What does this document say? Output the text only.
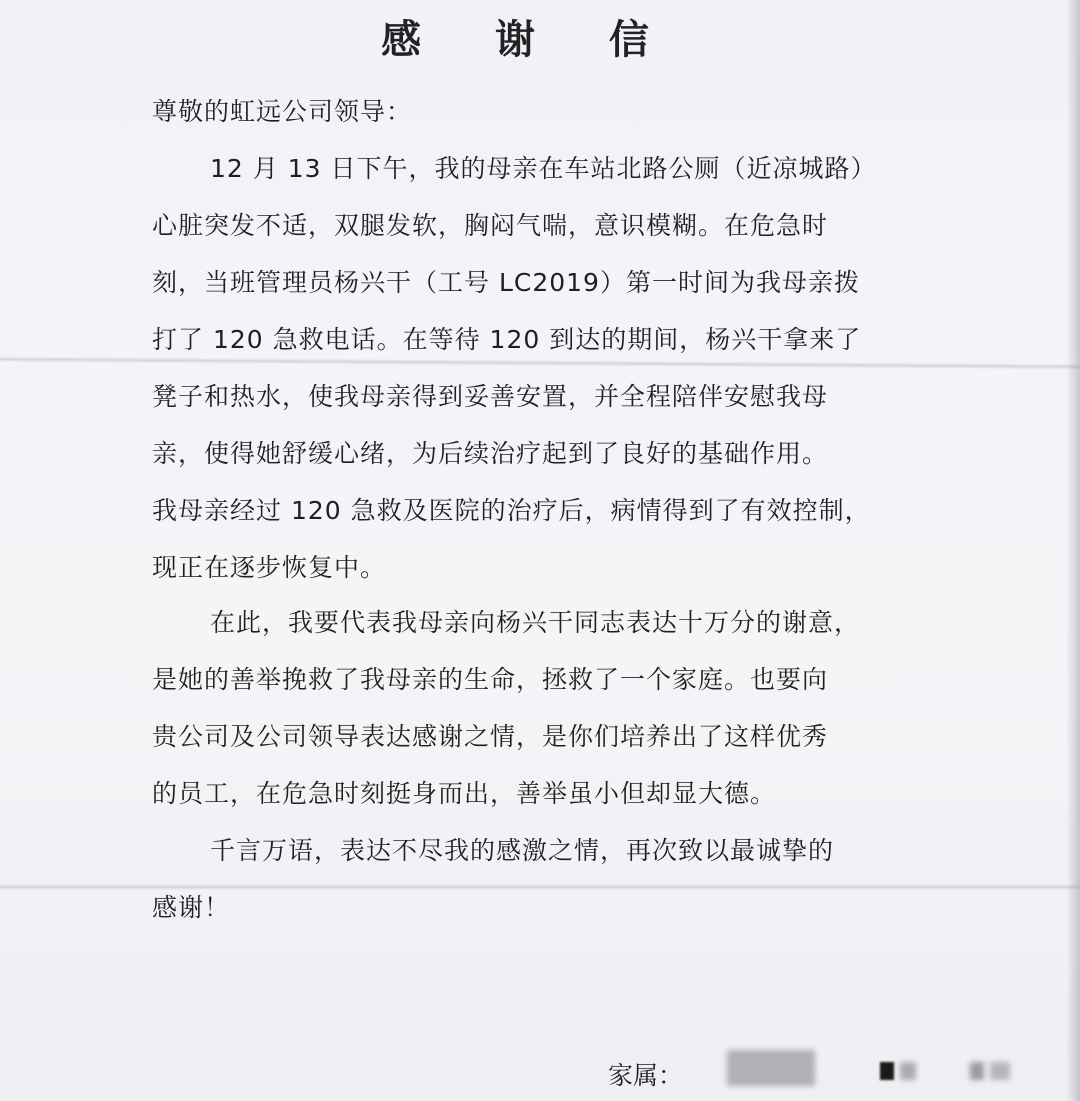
感 谢 信

尊敬的虹远公司领导：

12 月 13 日下午，我的母亲在车站北路公厕（近凉城路）

心脏突发不适，双腿发软，胸闷气喘，意识模糊。在危急时

刻，当班管理员杨兴干（工号 LC2019）第一时间为我母亲拨

打了 120 急救电话。在等待 120 到达的期间，杨兴干拿来了

凳子和热水，使我母亲得到妥善安置，并全程陪伴安慰我母

亲，使得她舒缓心绪，为后续治疗起到了良好的基础作用。

我母亲经过 120 急救及医院的治疗后，病情得到了有效控制，

现正在逐步恢复中。

在此，我要代表我母亲向杨兴干同志表达十万分的谢意，

是她的善举挽救了我母亲的生命，拯救了一个家庭。也要向

贵公司及公司领导表达感谢之情，是你们培养出了这样优秀

的员工，在危急时刻挺身而出，善举虽小但却显大德。

千言万语，表达不尽我的感激之情，再次致以最诚挚的

感谢！

家属：
